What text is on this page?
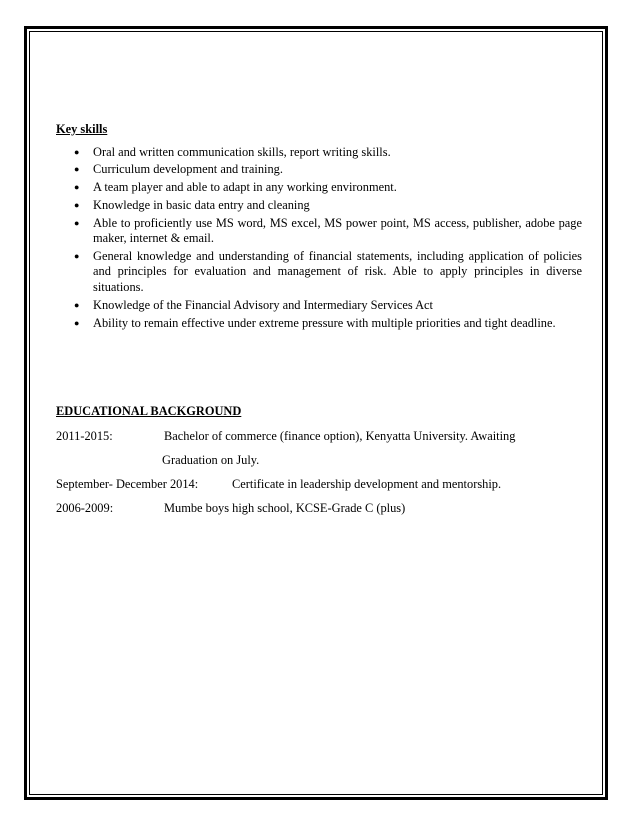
Key skills
● Oral and written communication skills, report writing skills.
● Curriculum development and training.
● A team player and able to adapt in any working environment.
● Knowledge in basic data entry and cleaning
● Able to proficiently use MS word, MS excel, MS power point, MS access, publisher, adobe page maker, internet & email.
● General knowledge and understanding of financial statements, including application of policies and principles for evaluation and management of risk. Able to apply principles in diverse situations.
● Knowledge of the Financial Advisory and Intermediary Services Act
● Ability to remain effective under extreme pressure with multiple priorities and tight deadline.
EDUCATIONAL BACKGROUND
2011-2015:	Bachelor of commerce (finance option), Kenyatta University. Awaiting
Graduation on July.
September- December 2014:	Certificate in leadership development and mentorship.
2006-2009:	Mumbe boys high school, KCSE-Grade C (plus)
